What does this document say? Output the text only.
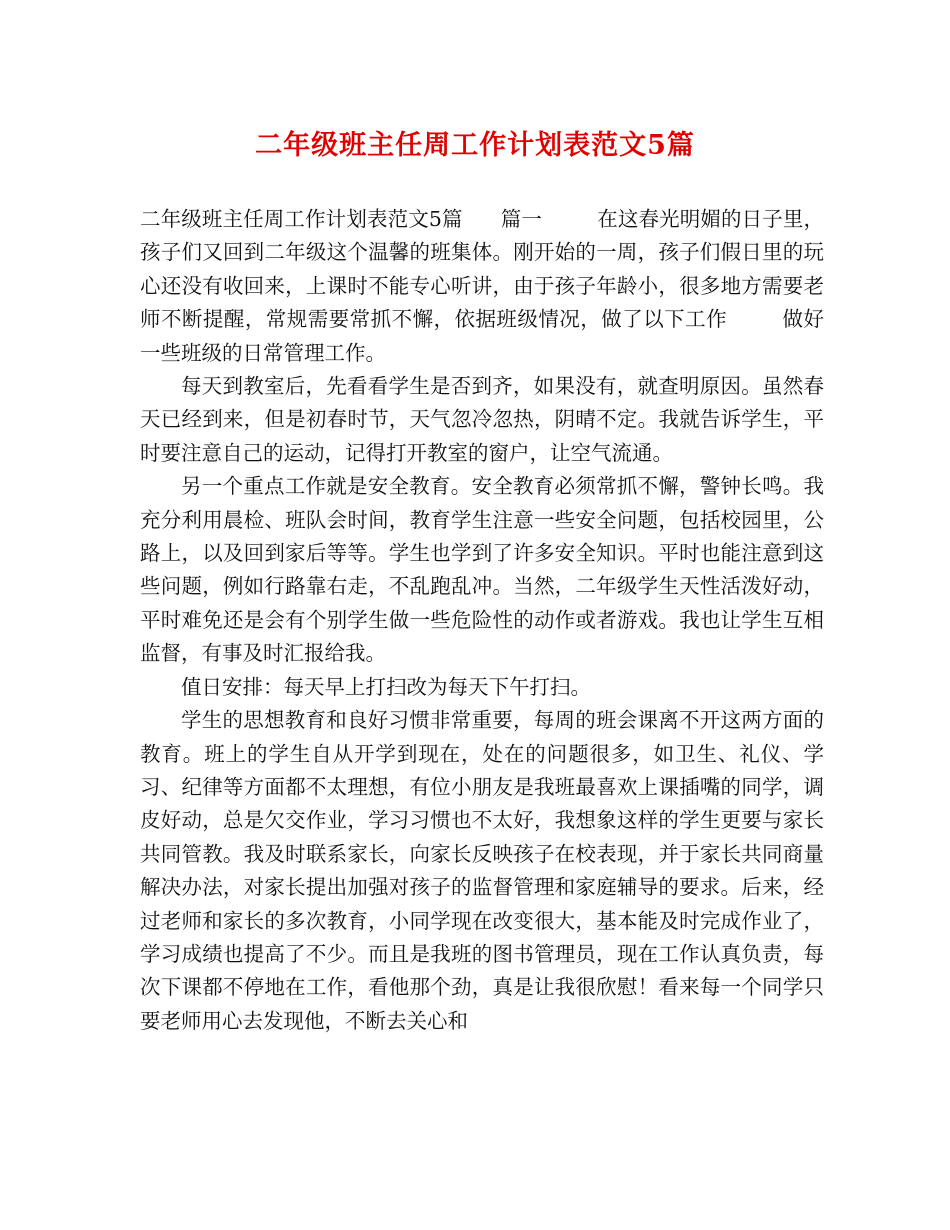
二年级班主任周工作计划表范文5篇

二年级班主任周工作计划表范文5篇 篇一	在这春光明媚的日子里，孩子们又回到二年级这个温馨的班集体。刚开始的一周，孩子们假日里的玩心还没有收回来，上课时不能专心听讲，由于孩子年龄小，很多地方需要老师不断提醒，常规需要常抓不懈，依据班级情况，做了以下工作	做好一些班级的日常管理工作。

每天到教室后，先看看学生是否到齐，如果没有，就查明原因。虽然春天已经到来，但是初春时节，天气忽冷忽热，阴晴不定。我就告诉学生，平时要注意自己的运动，记得打开教室的窗户，让空气流通。

另一个重点工作就是安全教育。安全教育必须常抓不懈，警钟长鸣。我充分利用晨检、班队会时间，教育学生注意一些安全问题，包括校园里，公路上，以及回到家后等等。学生也学到了许多安全知识。平时也能注意到这些问题，例如行路靠右走，不乱跑乱冲。当然，二年级学生天性活泼好动，平时难免还是会有个别学生做一些危险性的动作或者游戏。我也让学生互相监督，有事及时汇报给我。

值日安排：每天早上打扫改为每天下午打扫。

学生的思想教育和良好习惯非常重要，每周的班会课离不开这两方面的教育。班上的学生自从开学到现在，处在的问题很多，如卫生、礼仪、学习、纪律等方面都不太理想，有位小朋友是我班最喜欢上课插嘴的同学，调皮好动，总是欠交作业，学习习惯也不太好，我想象这样的学生更要与家长共同管教。我及时联系家长，向家长反映孩子在校表现，并于家长共同商量解决办法，对家长提出加强对孩子的监督管理和家庭辅导的要求。后来，经过老师和家长的多次教育，小同学现在改变很大，基本能及时完成作业了，学习成绩也提高了不少。而且是我班的图书管理员，现在工作认真负责，每次下课都不停地在工作，看他那个劲，真是让我很欣慰！看来每一个同学只要老师用心去发现他，不断去关心和
